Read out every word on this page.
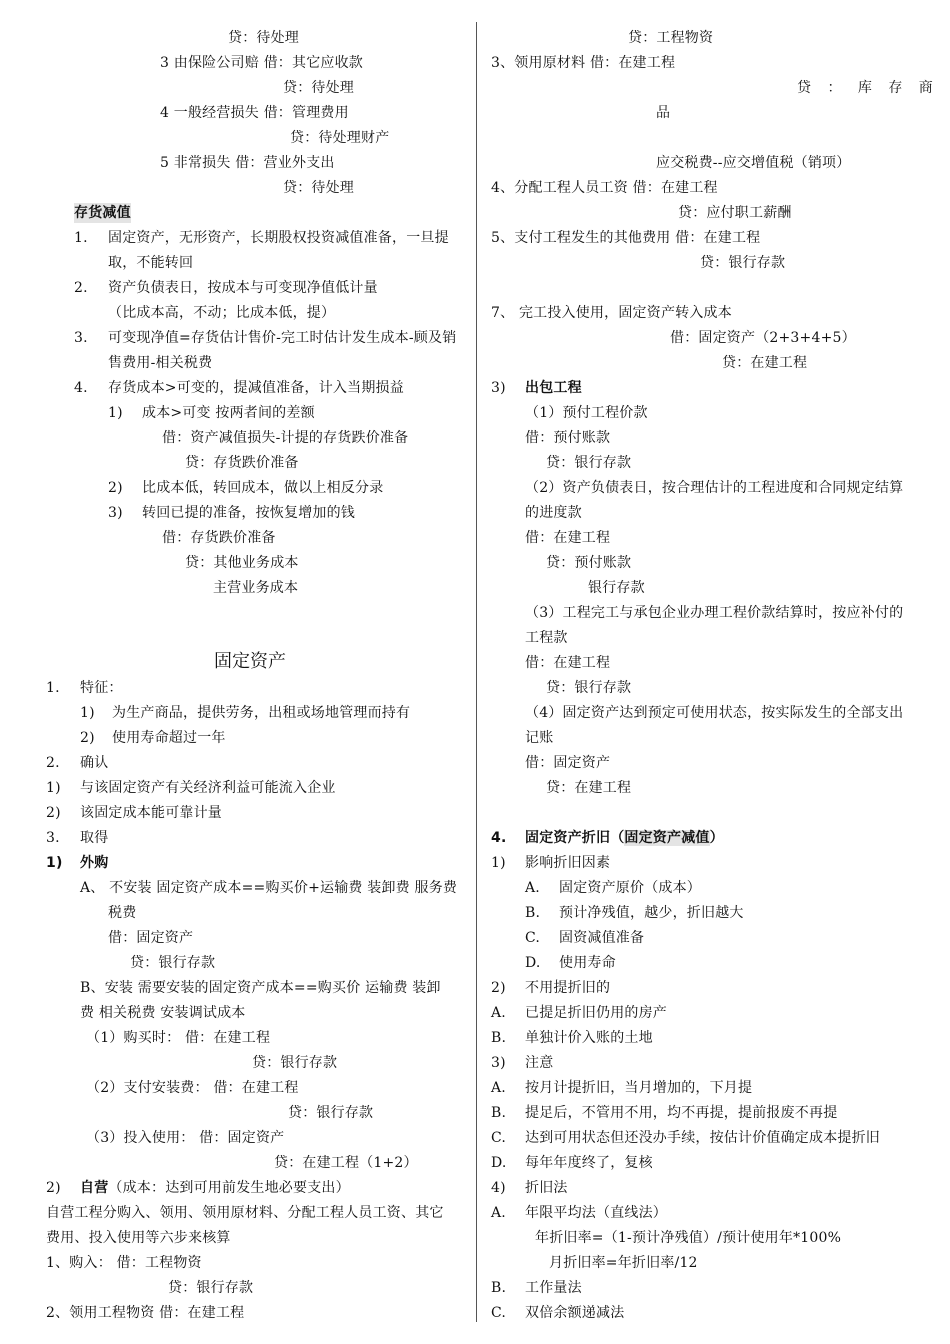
贷：待处理
3 由保险公司赔 借：其它应收款
贷：待处理
4 一般经营损失 借：管理费用
贷：待处理财产
5 非常损失 借：营业外支出
贷：待处理
存货减值
1. 固定资产，无形资产，长期股权投资减值准备，一旦提
取，不能转回
2. 资产负债表日，按成本与可变现净值低计量
（比成本高，不动；比成本低，提）
3. 可变现净值=存货估计售价-完工时估计发生成本-顾及销
售费用-相关税费
4. 存货成本>可变的，提减值准备，计入当期损益
1) 成本>可变 按两者间的差额
借：资产减值损失-计提的存货跌价准备
贷：存货跌价准备
2) 比成本低，转回成本，做以上相反分录
3) 转回已提的准备，按恢复增加的钱
借：存货跌价准备
贷：其他业务成本
主营业务成本
固定资产
1. 特征：
1) 为生产商品，提供劳务，出租或场地管理而持有
2) 使用寿命超过一年
2. 确认
1) 与该固定资产有关经济利益可能流入企业
2) 该固定成本能可靠计量
3. 取得
1) 外购
A、 不安装 固定资产成本==购买价+运输费 装卸费 服务费
税费
借：固定资产
贷：银行存款
B、安装 需要安装的固定资产成本==购买价 运输费 装卸
费 相关税费 安装调试成本
（1）购买时： 借：在建工程
贷：银行存款
（2）支付安装费： 借：在建工程
贷：银行存款
（3）投入使用： 借：固定资产
贷：在建工程（1+2）
2) 自营（成本：达到可用前发生地必要支出）
自营工程分购入、领用、领用原材料、分配工程人员工资、其它
费用、投入使用等六步来核算
1、购入： 借：工程物资
贷：银行存款
2、领用工程物资 借：在建工程
贷：工程物资
3、领用原材料 借：在建工程
贷 ： 库 存 商
品
应交税费--应交增值税（销项）
4、分配工程人员工资 借：在建工程
贷：应付职工薪酬
5、支付工程发生的其他费用 借：在建工程
贷：银行存款
7、 完工投入使用，固定资产转入成本
借：固定资产（2+3+4+5）
贷：在建工程
3) 出包工程
（1）预付工程价款
借：预付账款
贷：银行存款
（2）资产负债表日，按合理估计的工程进度和合同规定结算
的进度款
借：在建工程
贷：预付账款
银行存款
（3）工程完工与承包企业办理工程价款结算时，按应补付的
工程款
借：在建工程
贷：银行存款
（4）固定资产达到预定可使用状态，按实际发生的全部支出
记账
借：固定资产
贷：在建工程
4. 固定资产折旧（固定资产减值）
1) 影响折旧因素
A. 固定资产原价（成本）
B. 预计净残值，越少，折旧越大
C. 固资减值准备
D. 使用寿命
2) 不用提折旧的
A. 已提足折旧仍用的房产
B. 单独计价入账的土地
3) 注意
A. 按月计提折旧，当月增加的，下月提
B. 提足后，不管用不用，均不再提，提前报废不再提
C. 达到可用状态但还没办手续，按估计价值确定成本提折旧
D. 每年年度终了，复核
4) 折旧法
A. 年限平均法（直线法）
年折旧率=（1-预计净残值）/预计使用年*100%
月折旧率=年折旧率/12
B. 工作量法
C. 双倍余额递减法
